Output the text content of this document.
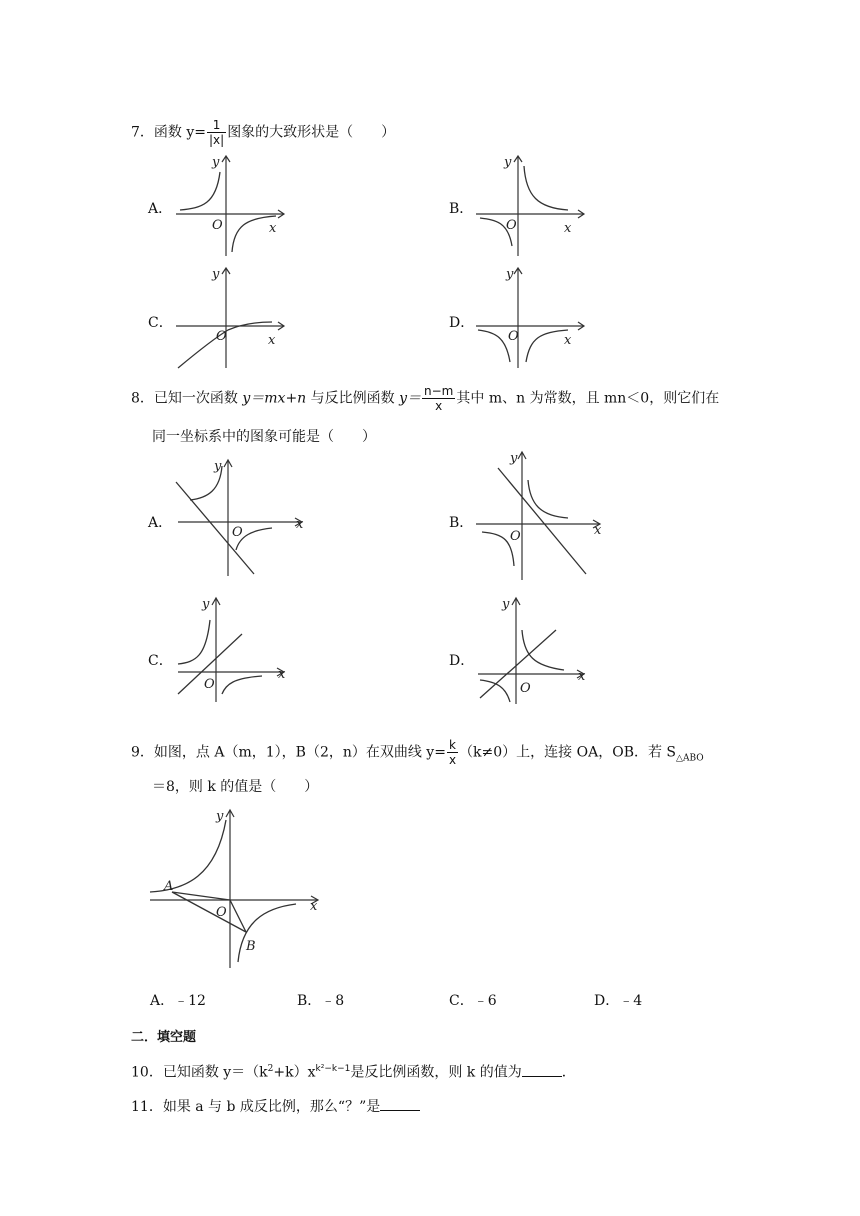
7．函数 $y= \frac{1}{|x|}$ 图象的大致形状是（　　）
A．
y
x
O
B．
y
x
O
C．
y
x
O
D．
y
x
O
8．已知一次函数 y＝mx+n 与反比例函数 $y= \frac{n-m}{x}$ 其中 m、n 为常数，且 mn＜0，则它们在
同一坐标系中的图象可能是（　　）
A．
y
x
O
B．
y
x
O
C．
y
x
O
D．
y
x
O
9．如图，点 A（m，1），B（2，n）在双曲线 $y= \frac{k}{x} (k\ne 0)$上，连接 OA，OB．若 $S_{\triangle ABO}$
＝8，则 k 的值是（　　）
y
x
O
A
B
A．﹣12	B．﹣8	C．﹣6	D．﹣4
二．填空题
10．已知函数 $y=(k^2+k)x^{k^2-k-1}$是反比例函数，则 k 的值为	．
11．如果 a 与 b 成反比例，那么“？”是
